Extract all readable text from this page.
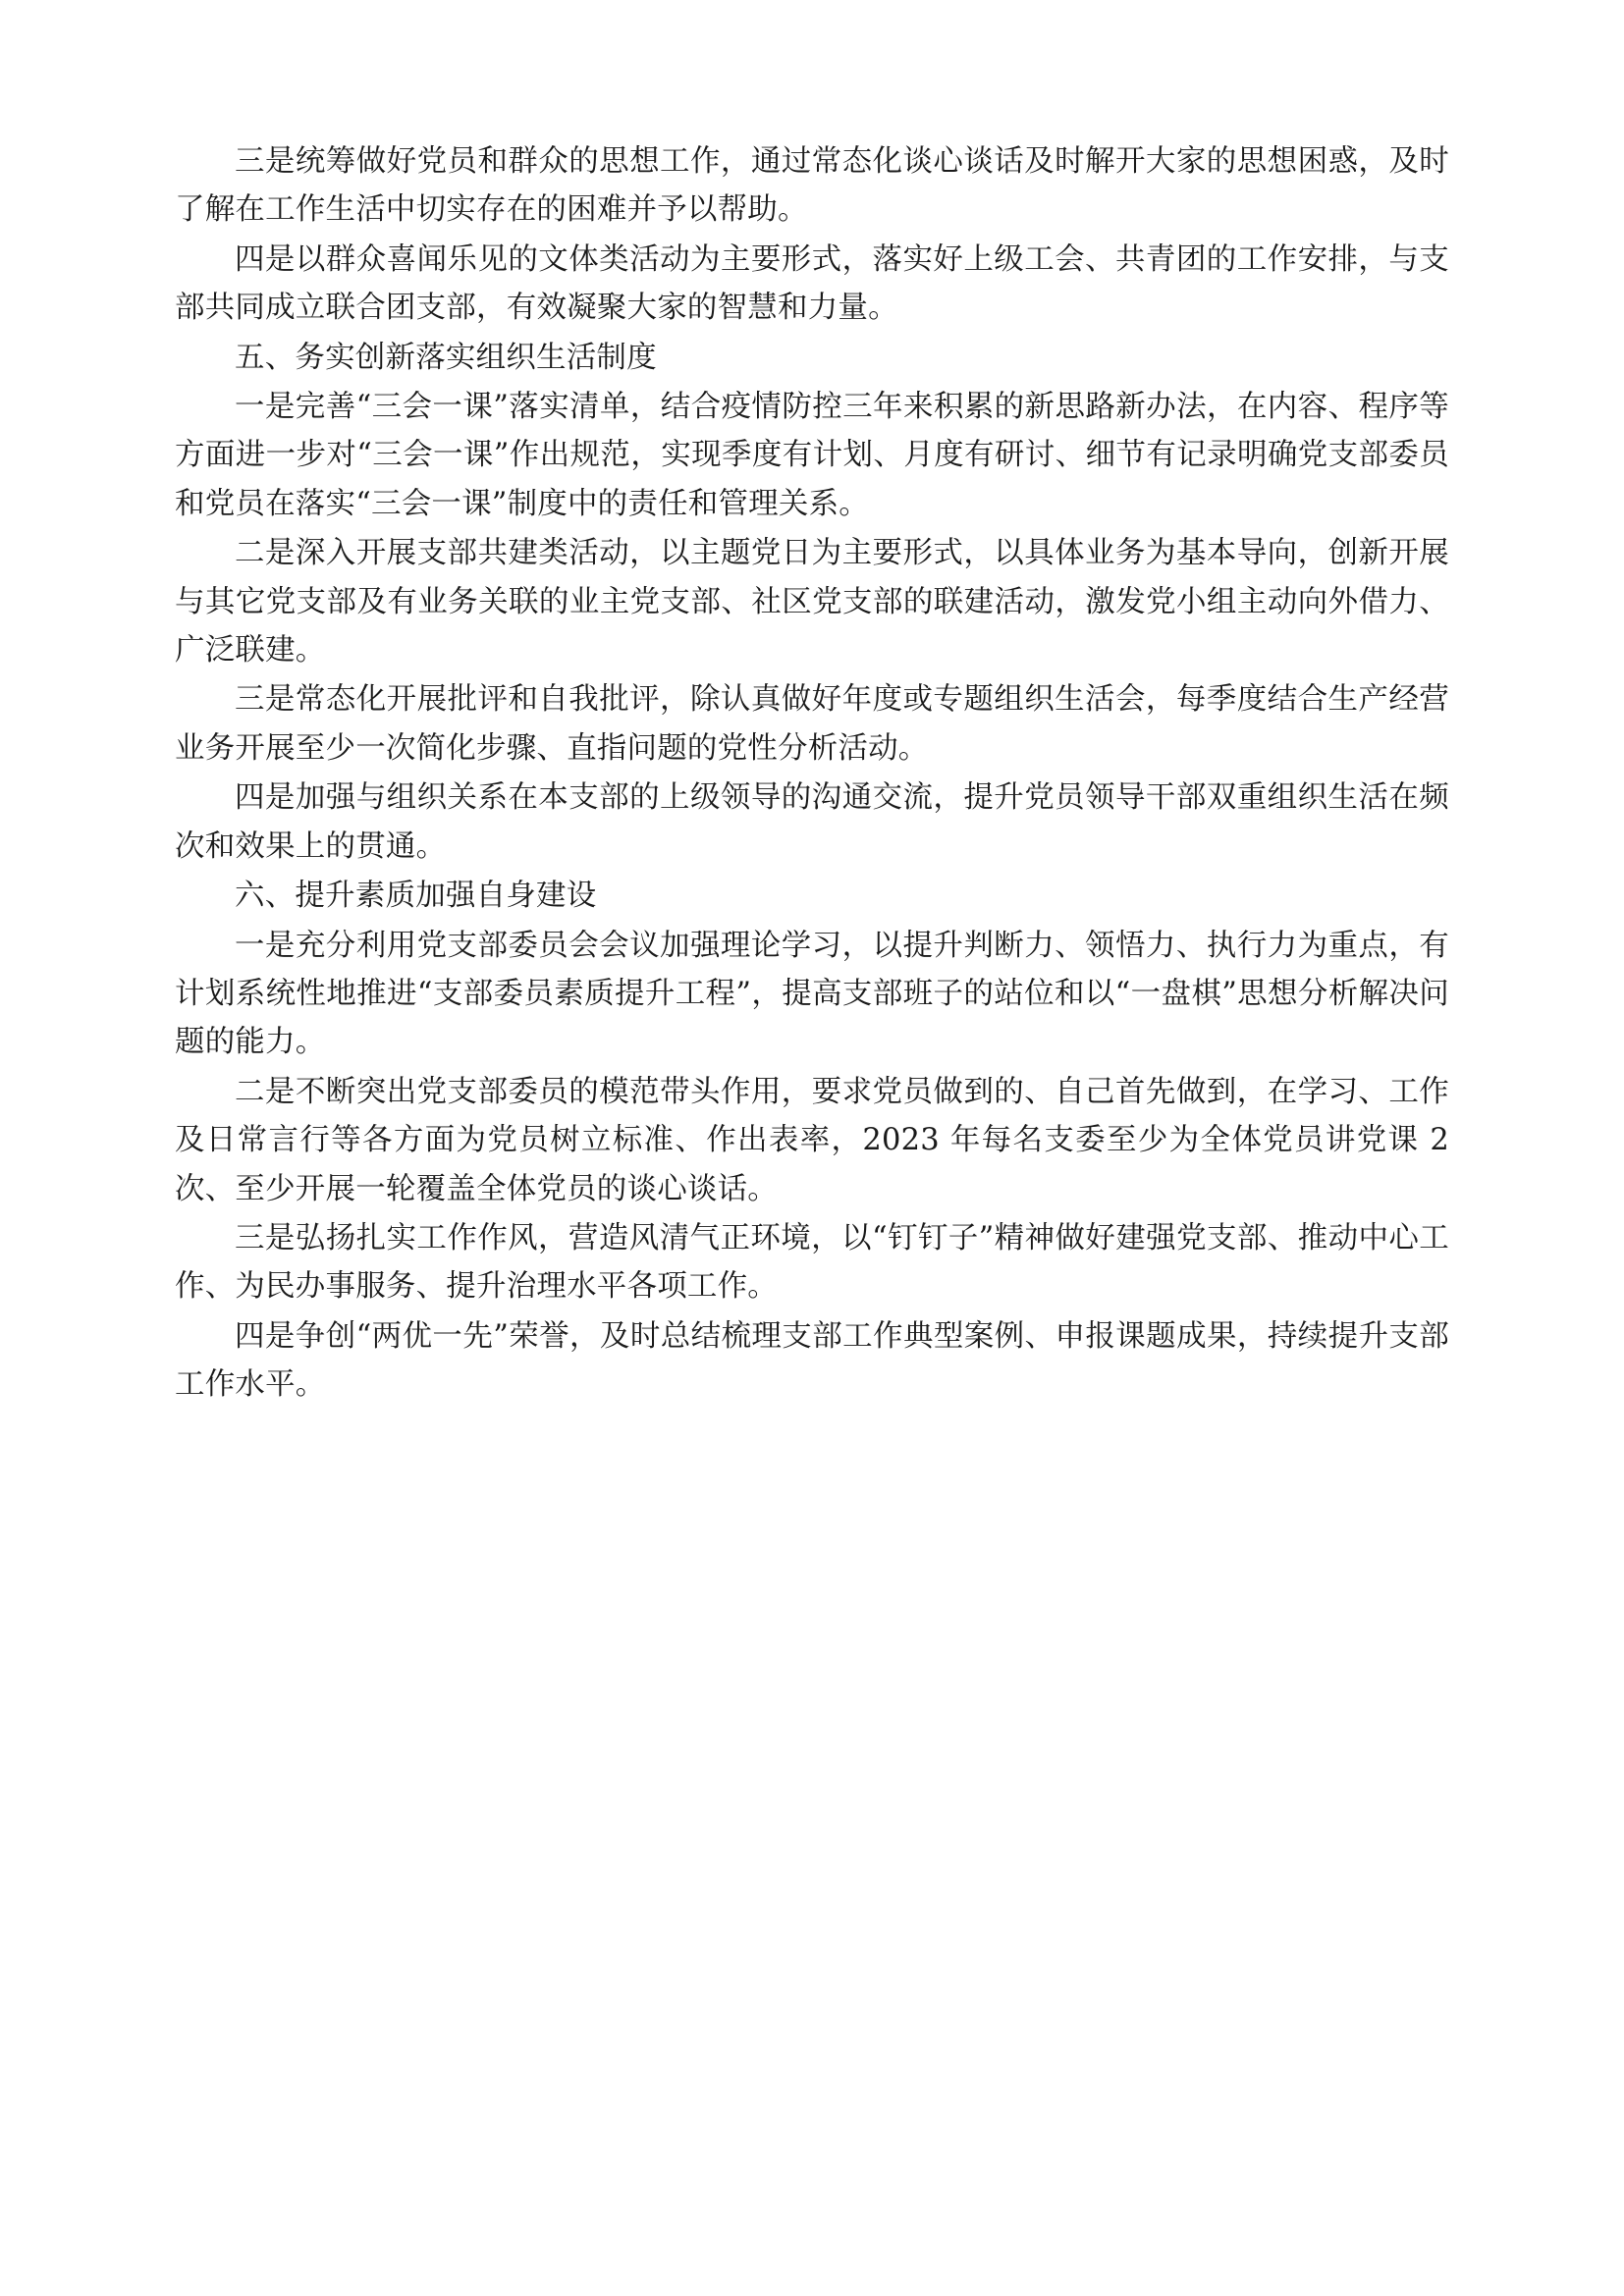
三是统筹做好党员和群众的思想工作，通过常态化谈心谈话及时解开大家的思想困惑，及时了解在工作生活中切实存在的困难并予以帮助。

四是以群众喜闻乐见的文体类活动为主要形式，落实好上级工会、共青团的工作安排，与支部共同成立联合团支部，有效凝聚大家的智慧和力量。

五、务实创新落实组织生活制度

一是完善“三会一课”落实清单，结合疫情防控三年来积累的新思路新办法，在内容、程序等方面进一步对“三会一课”作出规范，实现季度有计划、月度有研讨、细节有记录明确党支部委员和党员在落实“三会一课”制度中的责任和管理关系。

二是深入开展支部共建类活动，以主题党日为主要形式，以具体业务为基本导向，创新开展与其它党支部及有业务关联的业主党支部、社区党支部的联建活动，激发党小组主动向外借力、广泛联建。

三是常态化开展批评和自我批评，除认真做好年度或专题组织生活会，每季度结合生产经营业务开展至少一次简化步骤、直指问题的党性分析活动。

四是加强与组织关系在本支部的上级领导的沟通交流，提升党员领导干部双重组织生活在频次和效果上的贯通。

六、提升素质加强自身建设

一是充分利用党支部委员会会议加强理论学习，以提升判断力、领悟力、执行力为重点，有计划系统性地推进“支部委员素质提升工程”，提高支部班子的站位和以“一盘棋”思想分析解决问题的能力。

二是不断突出党支部委员的模范带头作用，要求党员做到的、自己首先做到，在学习、工作及日常言行等各方面为党员树立标准、作出表率，2023 年每名支委至少为全体党员讲党课 2 次、至少开展一轮覆盖全体党员的谈心谈话。

三是弘扬扎实工作作风，营造风清气正环境，以“钉钉子”精神做好建强党支部、推动中心工作、为民办事服务、提升治理水平各项工作。

四是争创“两优一先”荣誉，及时总结梳理支部工作典型案例、申报课题成果，持续提升支部工作水平。
